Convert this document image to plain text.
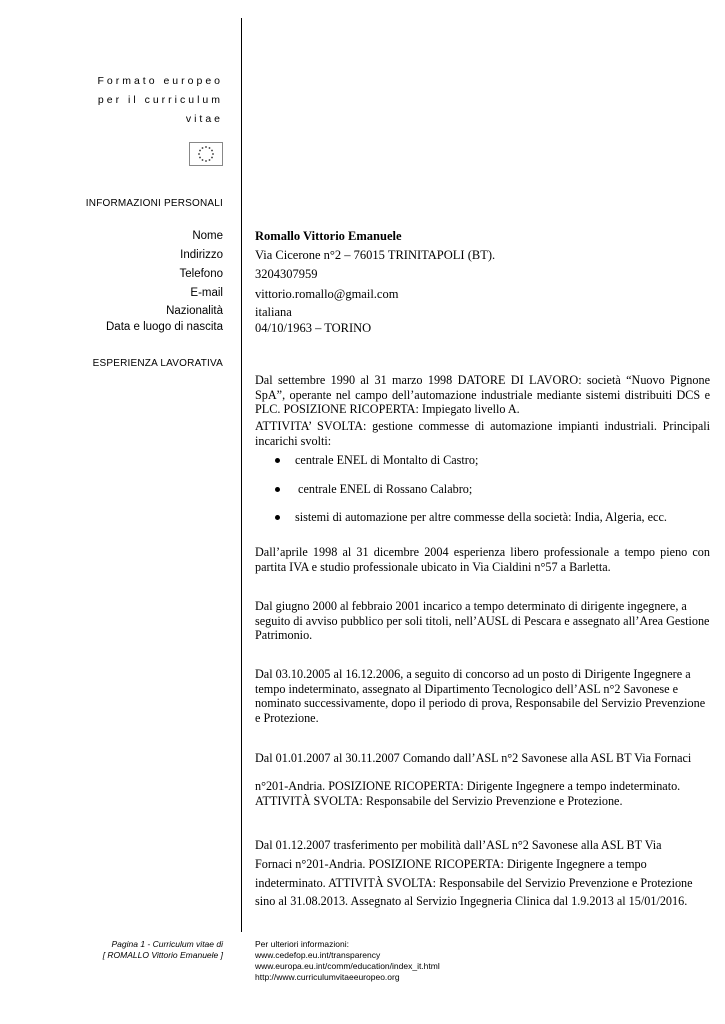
Formato europeo
per il curriculum
vitae
INFORMAZIONI PERSONALI
Nome	Romallo Vittorio Emanuele
Indirizzo	Via Cicerone n°2 – 76015 TRINITAPOLI (BT).
Telefono	3204307959
E-mail	vittorio.romallo@gmail.com
Nazionalità	italiana
Data e luogo di nascita	04/10/1963 – TORINO
ESPERIENZA LAVORATIVA
Dal settembre 1990 al 31 marzo 1998 DATORE DI LAVORO: società “Nuovo Pignone SpA”, operante nel campo dell’automazione industriale mediante sistemi distribuiti DCS e PLC. POSIZIONE RICOPERTA: Impiegato livello A.
ATTIVITA’ SVOLTA: gestione commesse di automazione impianti industriali. Principali incarichi svolti:
centrale ENEL di Montalto di Castro;
centrale ENEL di Rossano Calabro;
sistemi di automazione per altre commesse della società: India, Algeria, ecc.
Dall’aprile 1998 al 31 dicembre 2004 esperienza libero professionale a tempo pieno con partita IVA e studio professionale ubicato in Via Cialdini n°57 a Barletta.
Dal giugno 2000 al febbraio 2001 incarico a tempo determinato di dirigente ingegnere, a seguito di avviso pubblico per soli titoli, nell’AUSL di Pescara e assegnato all’Area Gestione Patrimonio.
Dal 03.10.2005 al 16.12.2006, a seguito di concorso ad un posto di Dirigente Ingegnere a tempo indeterminato, assegnato al Dipartimento Tecnologico dell’ASL n°2 Savonese e nominato successivamente, dopo il periodo di prova, Responsabile del Servizio Prevenzione e Protezione.
Dal 01.01.2007 al 30.11.2007 Comando dall’ASL n°2 Savonese alla ASL BT Via Fornaci
n°201-Andria. POSIZIONE RICOPERTA: Dirigente Ingegnere a tempo indeterminato. ATTIVITÀ SVOLTA: Responsabile del Servizio Prevenzione e Protezione.
Dal 01.12.2007 trasferimento per mobilità dall’ASL n°2 Savonese alla ASL BT Via
Fornaci n°201-Andria. POSIZIONE RICOPERTA: Dirigente Ingegnere a tempo
indeterminato. ATTIVITÀ SVOLTA: Responsabile del Servizio Prevenzione e Protezione
sino al 31.08.2013. Assegnato al Servizio Ingegneria Clinica dal 1.9.2013 al 15/01/2016.
Pagina 1 - Curriculum vitae di
[ ROMALLO Vittorio Emanuele ]
Per ulteriori informazioni:
www.cedefop.eu.int/transparency
www.europa.eu.int/comm/education/index_it.html
http://www.curriculumvitaeeuropeo.org
